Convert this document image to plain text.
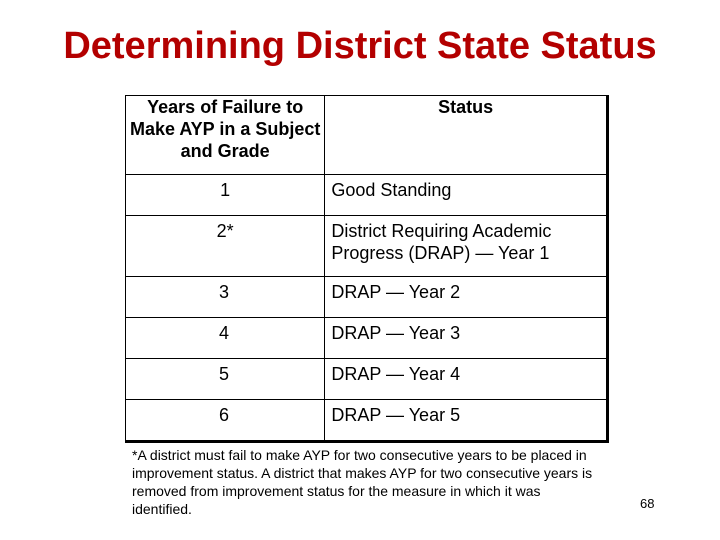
Determining District State Status
Years of Failure to Make AYP in a Subject and Grade	Status
1	Good Standing
2*	District Requiring Academic Progress (DRAP) — Year 1
3	DRAP — Year 2
4	DRAP — Year 3
5	DRAP — Year 4
6	DRAP — Year 5
*A district must fail to make AYP for two consecutive years to be placed in improvement status. A district that makes AYP for two consecutive years is removed from improvement status for the measure in which it was identified.	68
